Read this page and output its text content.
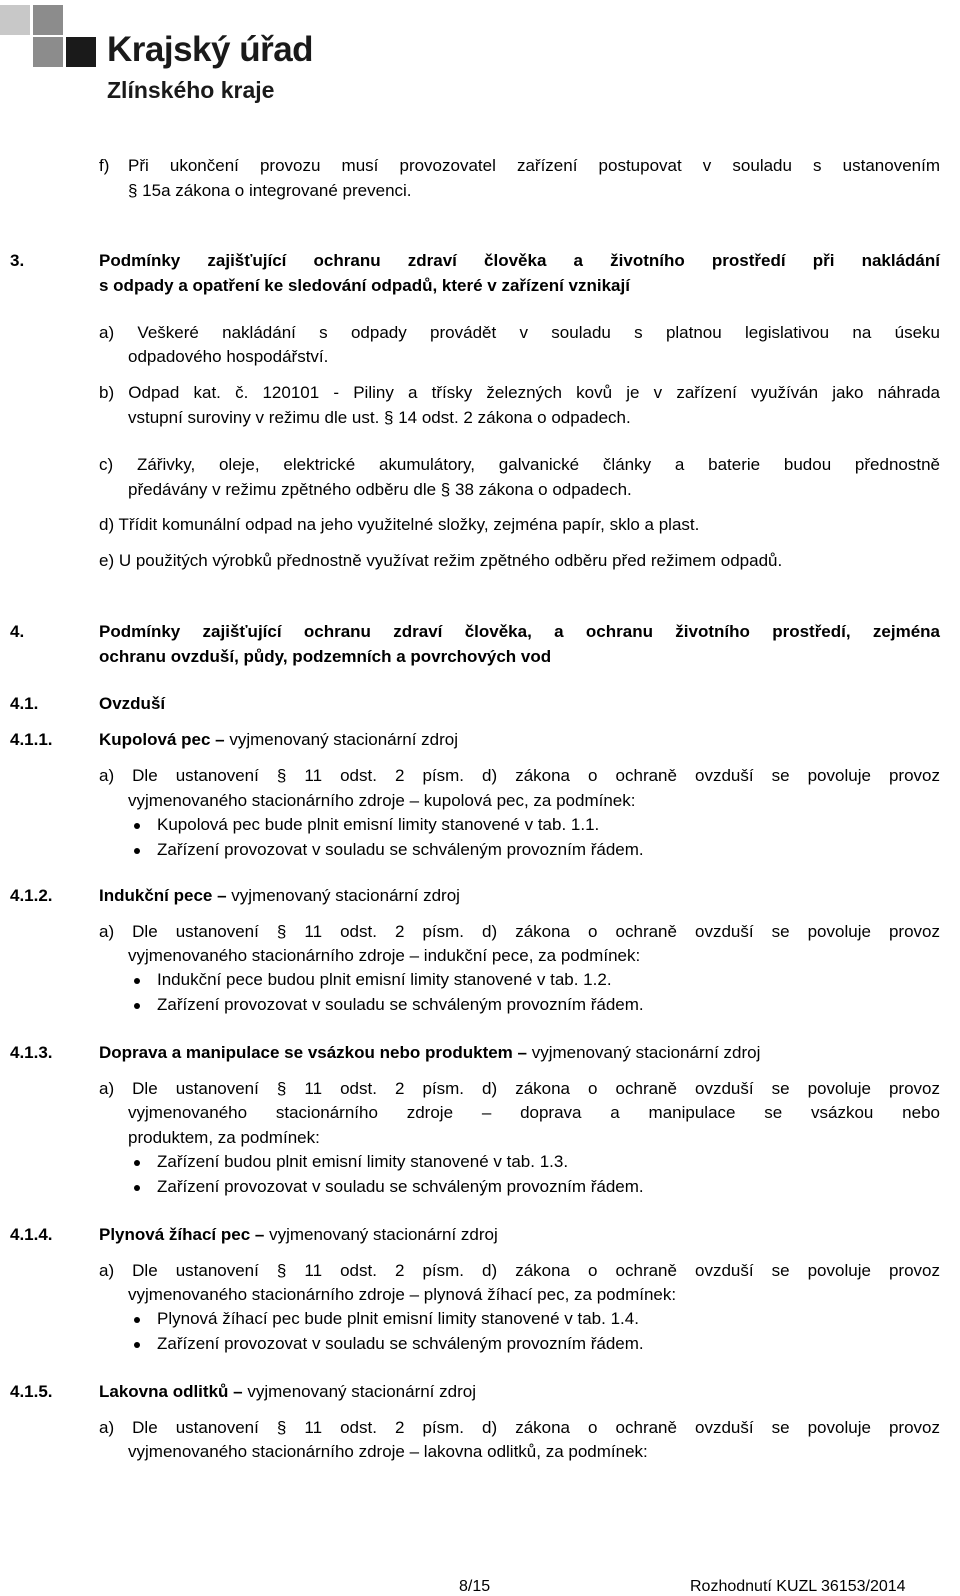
Krajský úřad
Zlínského kraje
f) Při ukončení provozu musí provozovatel zařízení postupovat v souladu s ustanovením
§ 15a zákona o integrované prevenci.
3.	Podmínky zajišťující ochranu zdraví člověka a životního prostředí při nakládání
s odpady a opatření ke sledování odpadů, které v zařízení vznikají
a) Veškeré nakládání s odpady provádět v souladu s platnou legislativou na úseku
odpadového hospodářství.
b) Odpad kat. č. 120101 - Piliny a třísky železných kovů je v zařízení využíván jako náhrada
vstupní suroviny v režimu dle ust. § 14 odst. 2 zákona o odpadech.
c) Zářivky, oleje, elektrické akumulátory, galvanické články a baterie budou přednostně
předávány v režimu zpětného odběru dle § 38 zákona o odpadech.
d) Třídit komunální odpad na jeho využitelné složky, zejména papír, sklo a plast.
e) U použitých výrobků přednostně využívat režim zpětného odběru před režimem odpadů.
4.	Podmínky zajišťující ochranu zdraví člověka, a ochranu životního prostředí, zejména
ochranu ovzduší, půdy, podzemních a povrchových vod
4.1.	Ovzduší
4.1.1.	Kupolová pec – vyjmenovaný stacionární zdroj
a) Dle ustanovení § 11 odst. 2 písm. d) zákona o ochraně ovzduší se povoluje provoz
vyjmenovaného stacionárního zdroje – kupolová pec, za podmínek:
Kupolová pec bude plnit emisní limity stanovené v tab. 1.1.
Zařízení provozovat v souladu se schváleným provozním řádem.
4.1.2.	Indukční pece – vyjmenovaný stacionární zdroj
a) Dle ustanovení § 11 odst. 2 písm. d) zákona o ochraně ovzduší se povoluje provoz
vyjmenovaného stacionárního zdroje – indukční pece, za podmínek:
Indukční pece budou plnit emisní limity stanovené v tab. 1.2.
Zařízení provozovat v souladu se schváleným provozním řádem.
4.1.3.	Doprava a manipulace se vsázkou nebo produktem – vyjmenovaný stacionární zdroj
a) Dle ustanovení § 11 odst. 2 písm. d) zákona o ochraně ovzduší se povoluje provoz
vyjmenovaného stacionárního zdroje – doprava a manipulace se vsázkou nebo
produktem, za podmínek:
Zařízení budou plnit emisní limity stanovené v tab. 1.3.
Zařízení provozovat v souladu se schváleným provozním řádem.
4.1.4.	Plynová žíhací pec – vyjmenovaný stacionární zdroj
a) Dle ustanovení § 11 odst. 2 písm. d) zákona o ochraně ovzduší se povoluje provoz
vyjmenovaného stacionárního zdroje – plynová žíhací pec, za podmínek:
Plynová žíhací pec bude plnit emisní limity stanovené v tab. 1.4.
Zařízení provozovat v souladu se schváleným provozním řádem.
4.1.5.	Lakovna odlitků – vyjmenovaný stacionární zdroj
a) Dle ustanovení § 11 odst. 2 písm. d) zákona o ochraně ovzduší se povoluje provoz
vyjmenovaného stacionárního zdroje – lakovna odlitků, za podmínek:
8/15	Rozhodnutí KUZL 36153/2014
